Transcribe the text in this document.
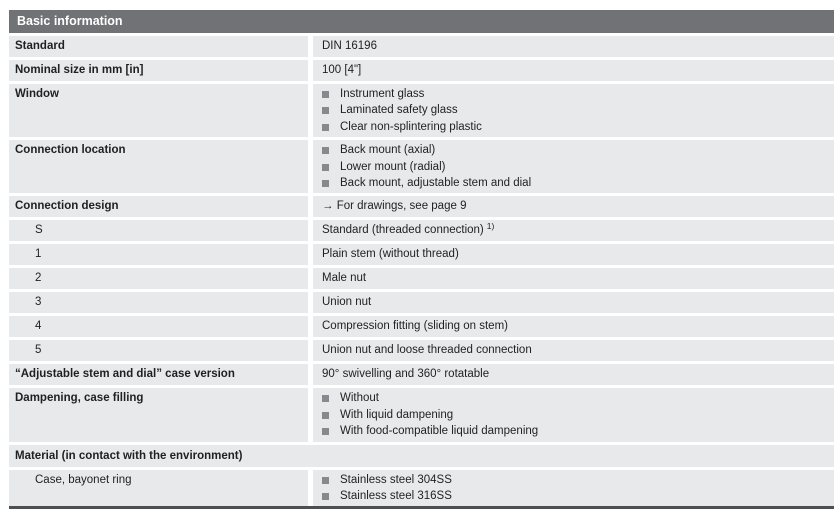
Basic information
Standard	DIN 16196
Nominal size in mm [in]	100 [4"]
Window	Instrument glass
Laminated safety glass
Clear non-splintering plastic
Connection location	Back mount (axial)
Lower mount (radial)
Back mount, adjustable stem and dial
Connection design	→ For drawings, see page 9
S	Standard (threaded connection) $^{1)}$
1	Plain stem (without thread)
2	Male nut
3	Union nut
4	Compression fitting (sliding on stem)
5	Union nut and loose threaded connection
“Adjustable stem and dial” case version	90° swivelling and 360° rotatable
Dampening, case filling	Without
With liquid dampening
With food-compatible liquid dampening
Material (in contact with the environment)
Case, bayonet ring	Stainless steel 304SS
Stainless steel 316SS
